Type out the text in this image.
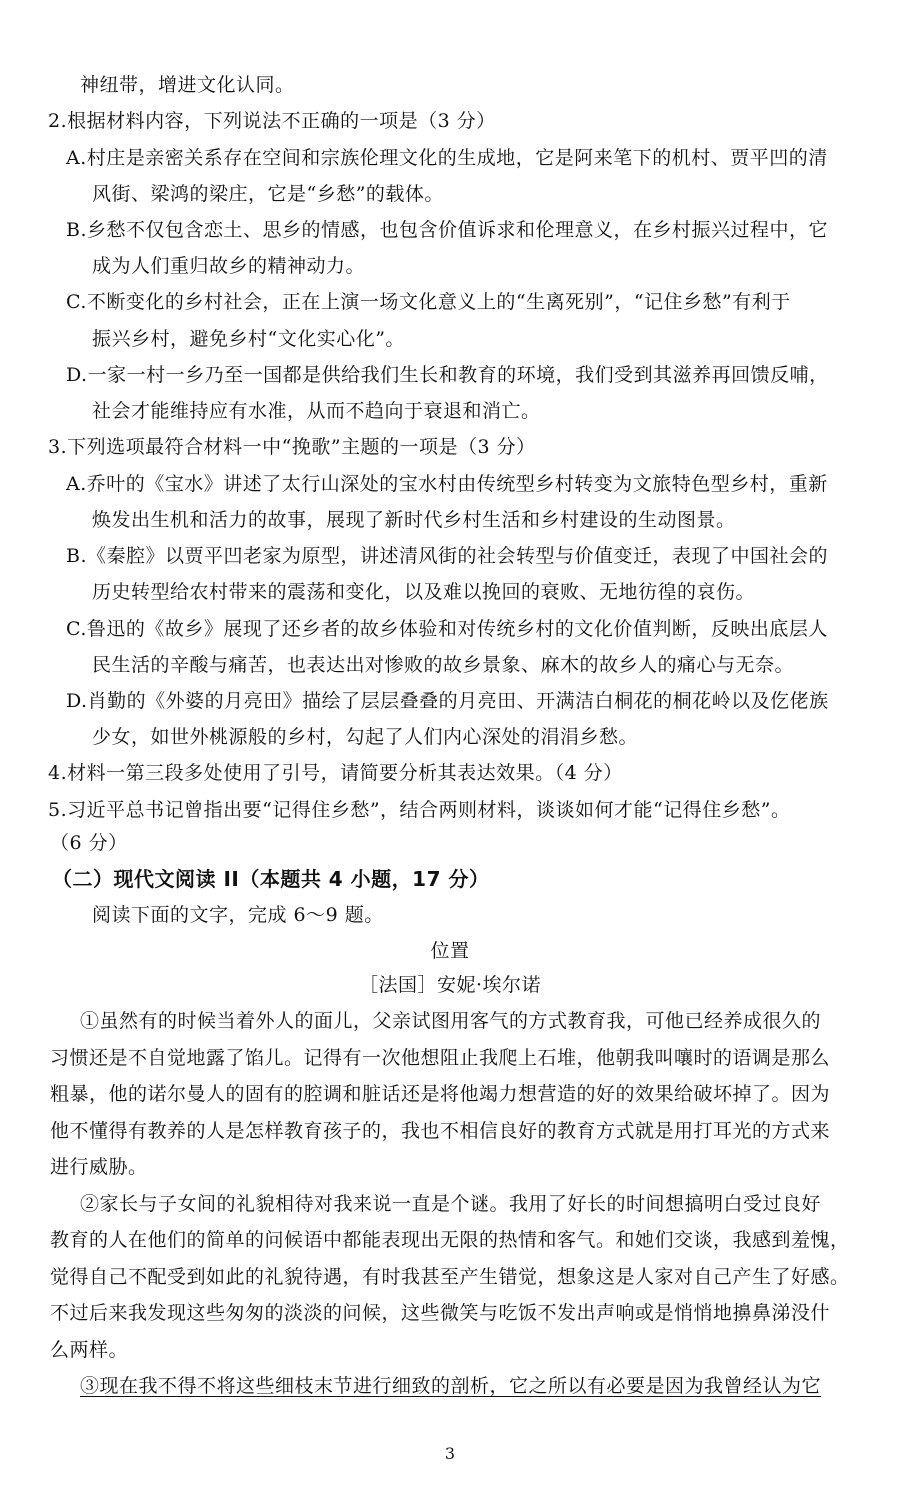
神纽带，增进文化认同。
2.根据材料内容，下列说法不正确的一项是（3 分）
A.村庄是亲密关系存在空间和宗族伦理文化的生成地，它是阿来笔下的机村、贾平凹的清
风街、梁鸿的梁庄，它是“乡愁”的载体。
B.乡愁不仅包含恋土、思乡的情感，也包含价值诉求和伦理意义，在乡村振兴过程中，它
成为人们重归故乡的精神动力。
C.不断变化的乡村社会，正在上演一场文化意义上的“生离死别”，“记住乡愁”有利于
振兴乡村，避免乡村“文化实心化”。
D.一家一村一乡乃至一国都是供给我们生长和教育的环境，我们受到其滋养再回馈反哺，
社会才能维持应有水准，从而不趋向于衰退和消亡。
3.下列选项最符合材料一中“挽歌”主题的一项是（3 分）
A.乔叶的《宝水》讲述了太行山深处的宝水村由传统型乡村转变为文旅特色型乡村，重新
焕发出生机和活力的故事，展现了新时代乡村生活和乡村建设的生动图景。
B.《秦腔》以贾平凹老家为原型，讲述清风街的社会转型与价值变迁，表现了中国社会的
历史转型给农村带来的震荡和变化，以及难以挽回的衰败、无地彷徨的哀伤。
C.鲁迅的《故乡》展现了还乡者的故乡体验和对传统乡村的文化价值判断，反映出底层人
民生活的辛酸与痛苦，也表达出对惨败的故乡景象、麻木的故乡人的痛心与无奈。
D.肖勤的《外婆的月亮田》描绘了层层叠叠的月亮田、开满洁白桐花的桐花岭以及仡佬族
少女，如世外桃源般的乡村，勾起了人们内心深处的涓涓乡愁。
4.材料一第三段多处使用了引号，请简要分析其表达效果。（4 分）
5.习近平总书记曾指出要“记得住乡愁”，结合两则材料，谈谈如何才能“记得住乡愁”。
（6 分）
（二）现代文阅读 II（本题共 4 小题，17 分）
阅读下面的文字，完成 6～9 题。
位置
［法国］安妮·埃尔诺
①虽然有的时候当着外人的面儿，父亲试图用客气的方式教育我，可他已经养成很久的
习惯还是不自觉地露了馅儿。记得有一次他想阻止我爬上石堆，他朝我叫嚷时的语调是那么
粗暴，他的诺尔曼人的固有的腔调和脏话还是将他竭力想营造的好的效果给破坏掉了。因为
他不懂得有教养的人是怎样教育孩子的，我也不相信良好的教育方式就是用打耳光的方式来
进行威胁。
②家长与子女间的礼貌相待对我来说一直是个谜。我用了好长的时间想搞明白受过良好
教育的人在他们的简单的问候语中都能表现出无限的热情和客气。和她们交谈，我感到羞愧，
觉得自己不配受到如此的礼貌待遇，有时我甚至产生错觉，想象这是人家对自己产生了好感。
不过后来我发现这些匆匆的淡淡的问候，这些微笑与吃饭不发出声响或是悄悄地擤鼻涕没什
么两样。
③现在我不得不将这些细枝末节进行细致的剖析，它之所以有必要是因为我曾经认为它
3
